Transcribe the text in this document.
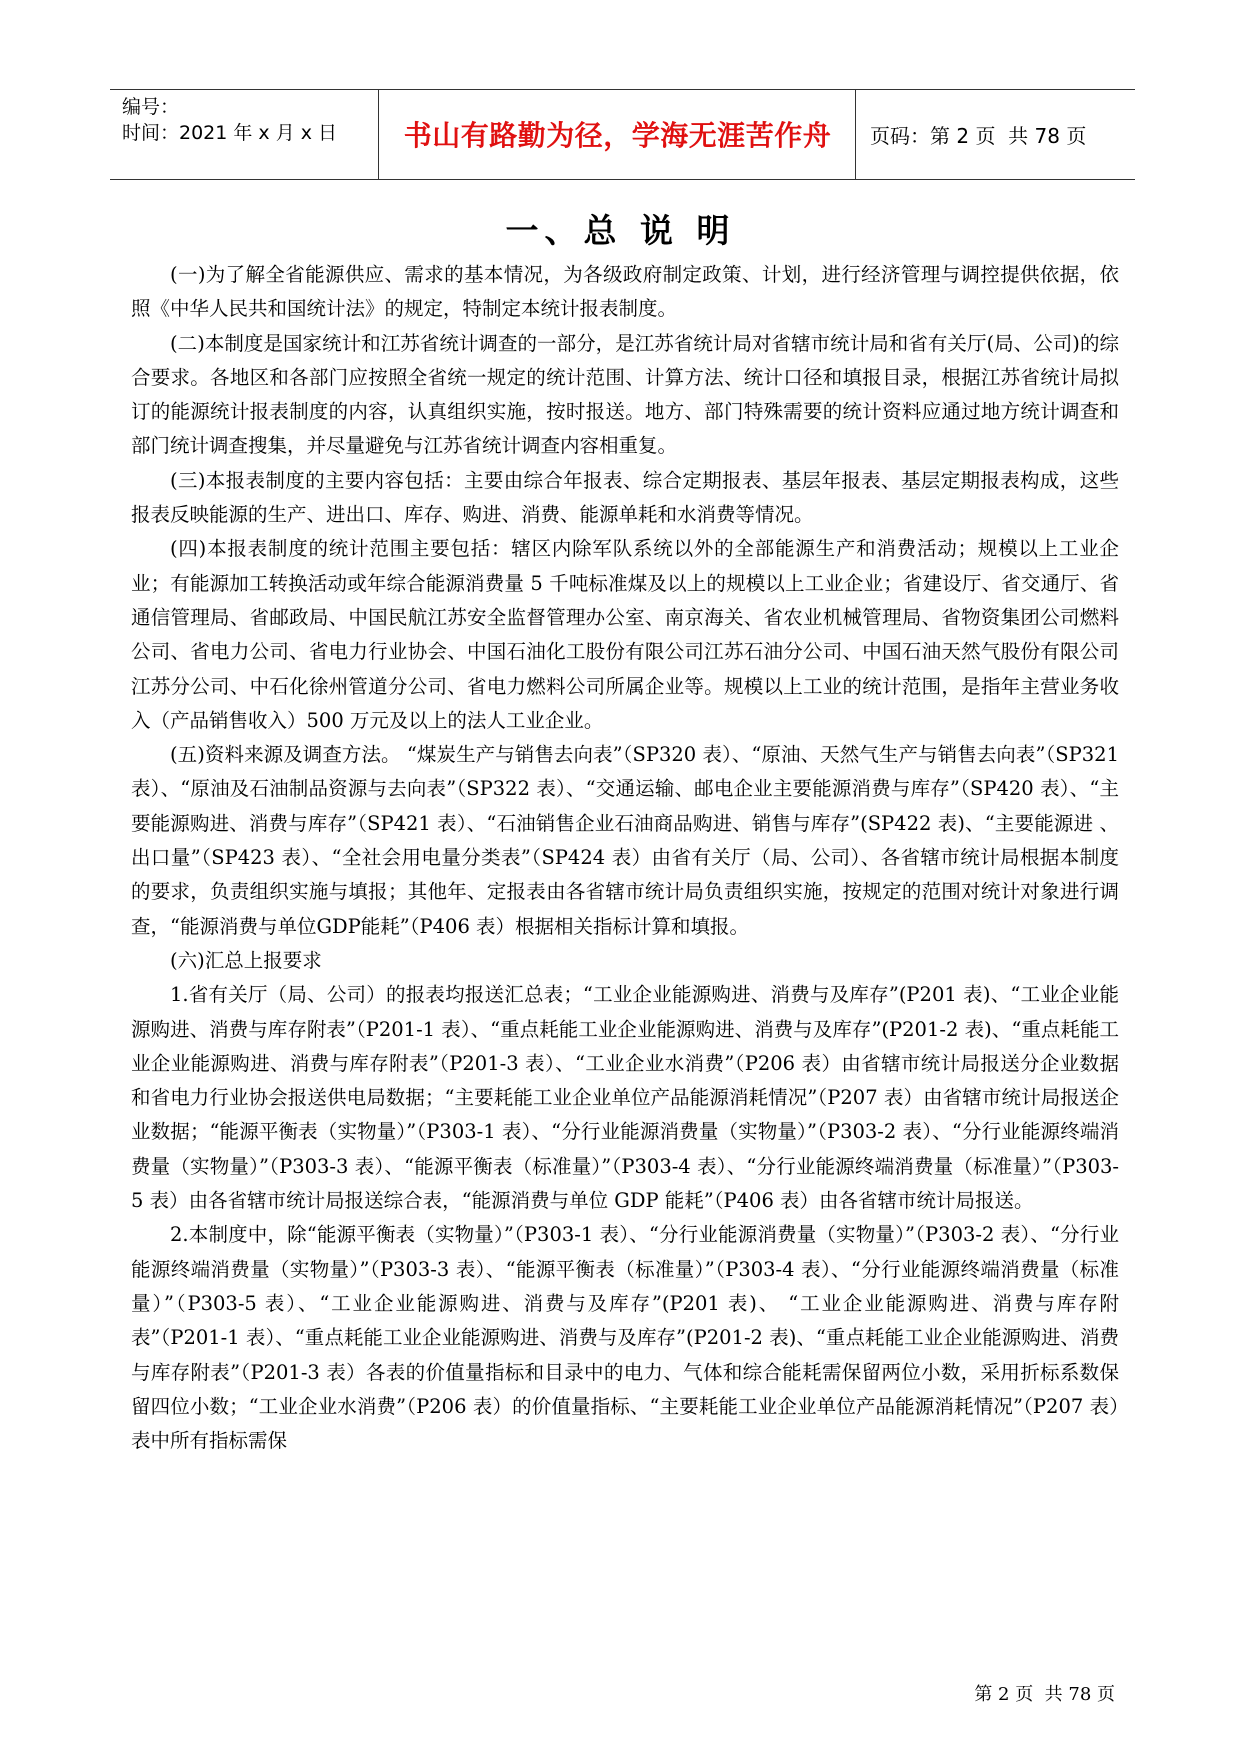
编号：
时间：2021 年 x 月 x 日	书山有路勤为径，学海无涯苦作舟	页码：第 2 页  共 78 页
一、总 说 明

(一)为了解全省能源供应、需求的基本情况，为各级政府制定政策、计划，进行经济管理与调控提供依据，依照《中华人民共和国统计法》的规定，特制定本统计报表制度。

(二)本制度是国家统计和江苏省统计调查的一部分，是江苏省统计局对省辖市统计局和省有关厅(局、公司)的综合要求。各地区和各部门应按照全省统一规定的统计范围、计算方法、统计口径和填报目录，根据江苏省统计局拟订的能源统计报表制度的内容，认真组织实施，按时报送。地方、部门特殊需要的统计资料应通过地方统计调查和部门统计调查搜集，并尽量避免与江苏省统计调查内容相重复。

(三)本报表制度的主要内容包括：主要由综合年报表、综合定期报表、基层年报表、基层定期报表构成，这些报表反映能源的生产、进出口、库存、购进、消费、能源单耗和水消费等情况。

(四)本报表制度的统计范围主要包括：辖区内除军队系统以外的全部能源生产和消费活动；规模以上工业企业；有能源加工转换活动或年综合能源消费量 5 千吨标准煤及以上的规模以上工业企业；省建设厅、省交通厅、省通信管理局、省邮政局、中国民航江苏安全监督管理办公室、南京海关、省农业机械管理局、省物资集团公司燃料公司、省电力公司、省电力行业协会、中国石油化工股份有限公司江苏石油分公司、中国石油天然气股份有限公司江苏分公司、中石化徐州管道分公司、省电力燃料公司所属企业等。规模以上工业的统计范围，是指年主营业务收入（产品销售收入）500 万元及以上的法人工业企业。

(五)资料来源及调查方法。 “煤炭生产与销售去向表”（SP320 表）、“原油、天然气生产与销售去向表”（SP321 表）、“原油及石油制品资源与去向表”（SP322 表）、“交通运输、邮电企业主要能源消费与库存”（SP420 表）、“主要能源购进、消费与库存”（SP421 表）、“石油销售企业石油商品购进、销售与库存”(SP422 表)、“主要能源进 、出口量”（SP423 表）、“全社会用电量分类表”（SP424 表）由省有关厅（局、公司）、各省辖市统计局根据本制度的要求，负责组织实施与填报；其他年、定报表由各省辖市统计局负责组织实施，按规定的范围对统计对象进行调查，“能源消费与单位GDP能耗”（P406 表）根据相关指标计算和填报。

(六)汇总上报要求

1.省有关厅（局、公司）的报表均报送汇总表；“工业企业能源购进、消费与及库存”(P201 表)、“工业企业能源购进、消费与库存附表”（P201-1 表）、“重点耗能工业企业能源购进、消费与及库存”(P201-2 表)、“重点耗能工业企业能源购进、消费与库存附表”（P201-3 表）、“工业企业水消费”（P206 表）由省辖市统计局报送分企业数据和省电力行业协会报送供电局数据；“主要耗能工业企业单位产品能源消耗情况”（P207 表）由省辖市统计局报送企业数据；“能源平衡表（实物量）”（P303-1 表）、“分行业能源消费量（实物量）”（P303-2 表）、“分行业能源终端消费量（实物量）”（P303-3 表）、“能源平衡表（标准量）”（P303-4 表）、“分行业能源终端消费量（标准量）”（P303-5 表）由各省辖市统计局报送综合表，“能源消费与单位 GDP 能耗”（P406 表）由各省辖市统计局报送。

2.本制度中，除“能源平衡表（实物量）”（P303-1 表）、“分行业能源消费量（实物量）”（P303-2 表）、“分行业能源终端消费量（实物量）”（P303-3 表）、“能源平衡表（标准量）”（P303-4 表）、“分行业能源终端消费量（标准量）”（P303-5 表）、“工业企业能源购进、消费与及库存”(P201 表)、 “工业企业能源购进、消费与库存附表”（P201-1 表）、“重点耗能工业企业能源购进、消费与及库存”(P201-2 表)、“重点耗能工业企业能源购进、消费与库存附表”（P201-3 表）各表的价值量指标和目录中的电力、气体和综合能耗需保留两位小数，采用折标系数保留四位小数；“工业企业水消费”（P206 表）的价值量指标、“主要耗能工业企业单位产品能源消耗情况”（P207 表）表中所有指标需保

第 2 页  共 78 页
